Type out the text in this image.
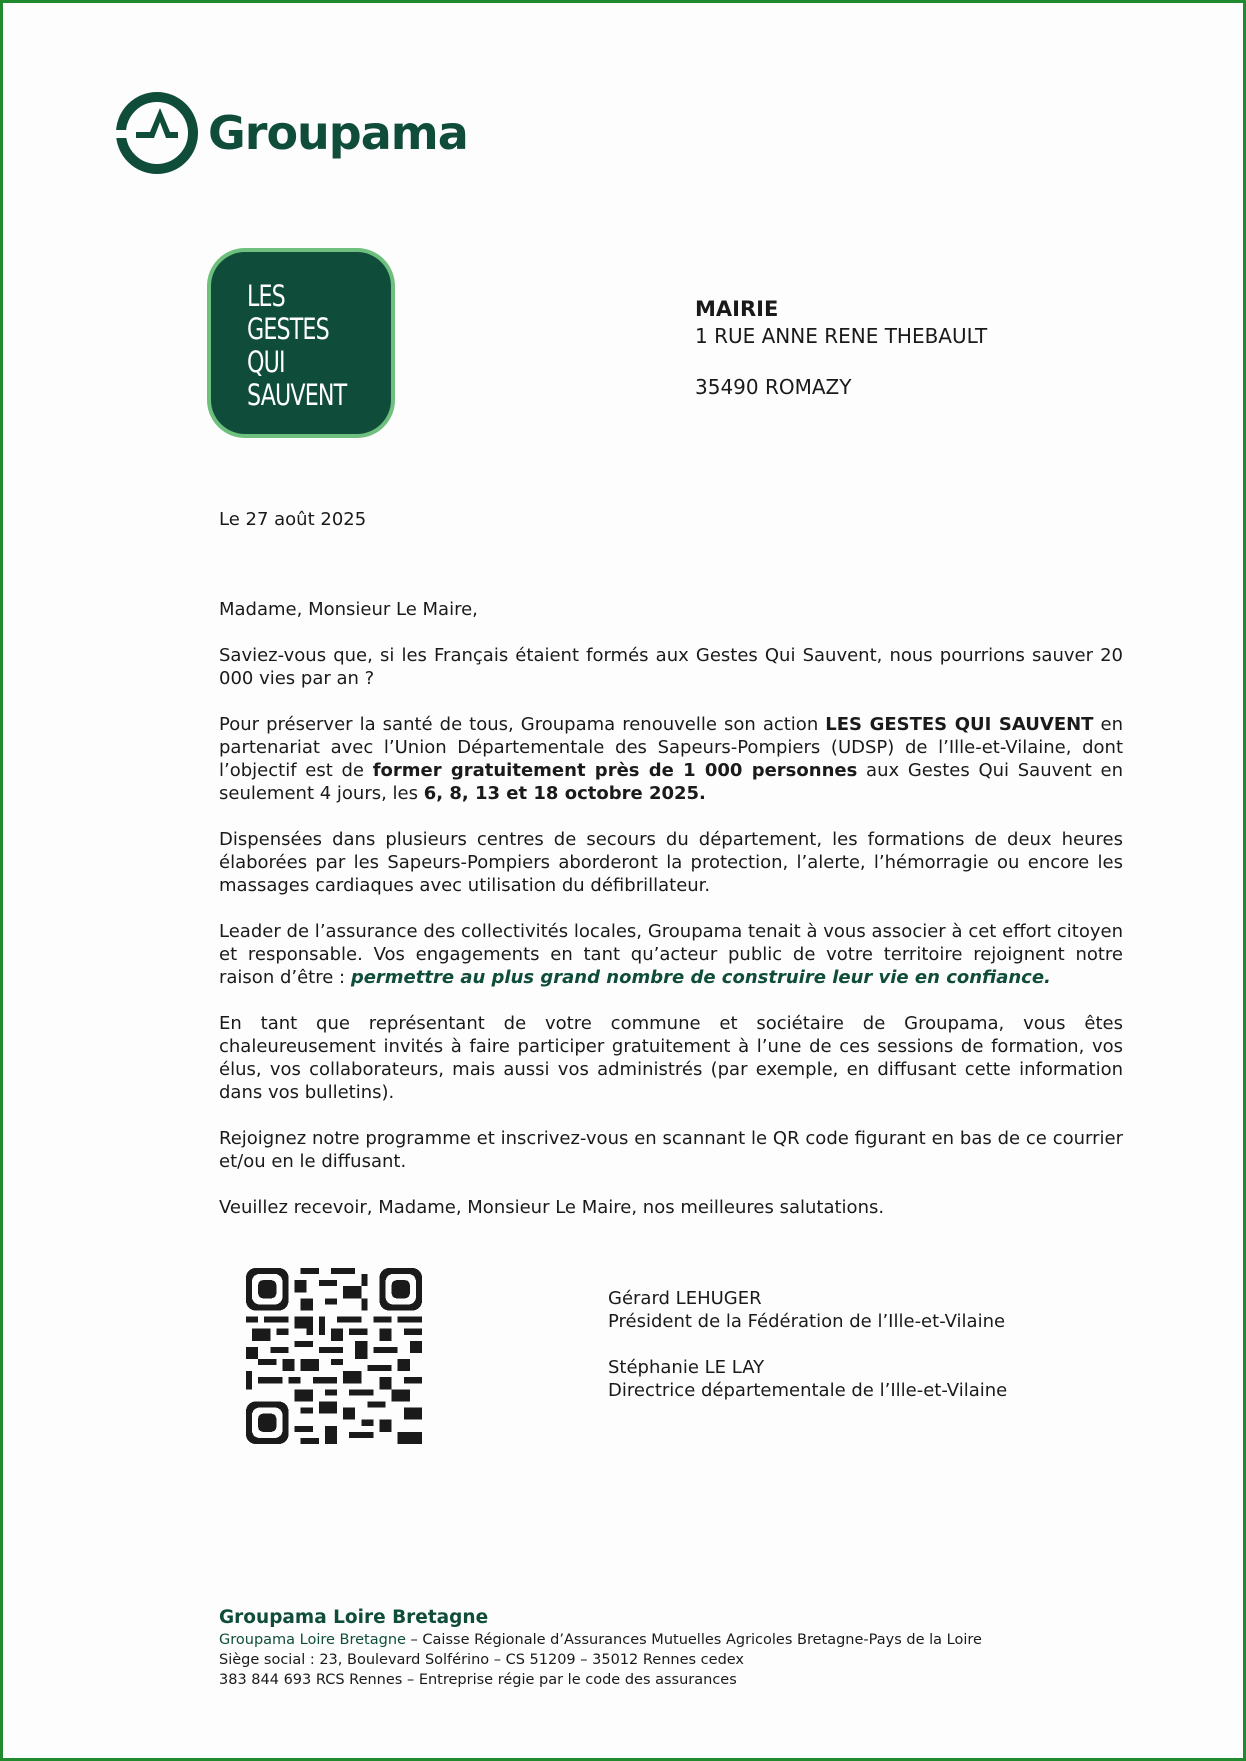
Groupama
LES
GESTES
QUI
SAUVENT
MAIRIE
1 RUE ANNE RENE THEBAULT
35490 ROMAZY
Le 27 août 2025

Madame, Monsieur Le Maire,

Saviez-vous que, si les Français étaient formés aux Gestes Qui Sauvent, nous pourrions sauver 20 000 vies par an ?

Pour préserver la santé de tous, Groupama renouvelle son action LES GESTES QUI SAUVENT en partenariat avec l’Union Départementale des Sapeurs-Pompiers (UDSP) de l’Ille-et-Vilaine, dont l’objectif est de former gratuitement près de 1 000 personnes aux Gestes Qui Sauvent en seulement 4 jours, les 6, 8, 13 et 18 octobre 2025.

Dispensées dans plusieurs centres de secours du département, les formations de deux heures élaborées par les Sapeurs-Pompiers aborderont la protection, l’alerte, l’hémorragie ou encore les massages cardiaques avec utilisation du défibrillateur.

Leader de l’assurance des collectivités locales, Groupama tenait à vous associer à cet effort citoyen et responsable. Vos engagements en tant qu’acteur public de votre territoire rejoignent notre raison d’être : permettre au plus grand nombre de construire leur vie en confiance.

En tant que représentant de votre commune et sociétaire de Groupama, vous êtes chaleureusement invités à faire participer gratuitement à l’une de ces sessions de formation, vos élus, vos collaborateurs, mais aussi vos administrés (par exemple, en diffusant cette information dans vos bulletins).

Rejoignez notre programme et inscrivez-vous en scannant le QR code figurant en bas de ce courrier et/ou en le diffusant.

Veuillez recevoir, Madame, Monsieur Le Maire, nos meilleures salutations.

Gérard LEHUGER
Président de la Fédération de l’Ille-et-Vilaine

Stéphanie LE LAY
Directrice départementale de l’Ille-et-Vilaine

Groupama Loire Bretagne
Groupama Loire Bretagne – Caisse Régionale d’Assurances Mutuelles Agricoles Bretagne-Pays de la Loire
Siège social : 23, Boulevard Solférino – CS 51209 – 35012 Rennes cedex
383 844 693 RCS Rennes – Entreprise régie par le code des assurances
